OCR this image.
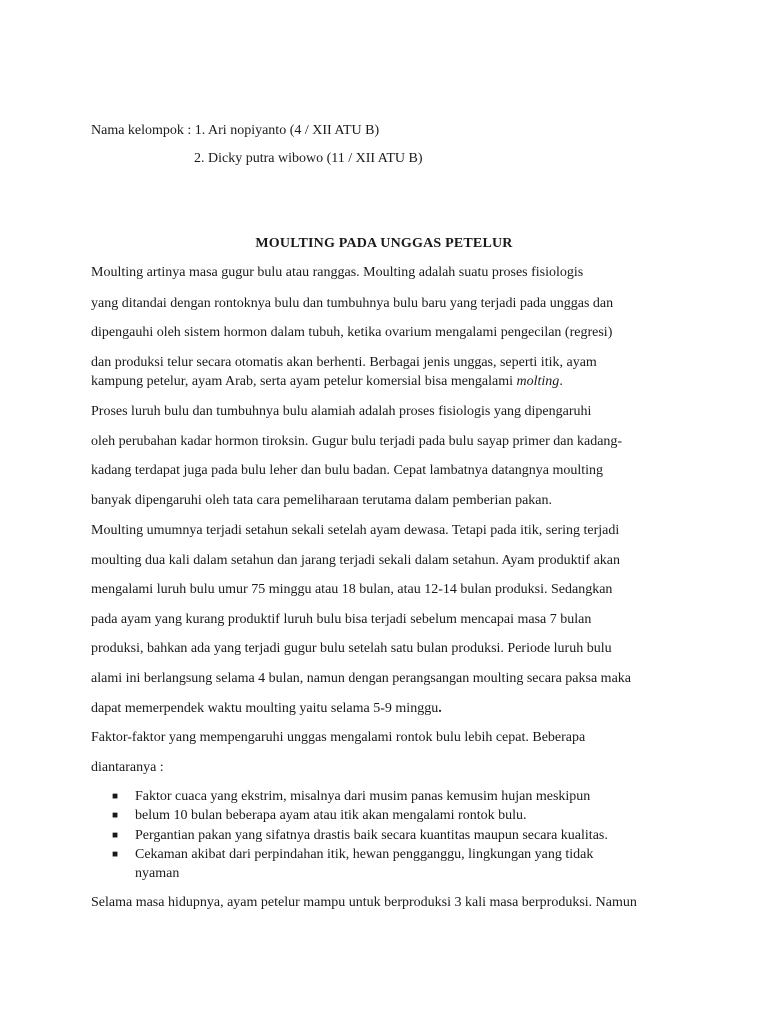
Nama kelompok : 1. Ari nopiyanto (4 / XII ATU B)
2. Dicky putra wibowo (11 / XII ATU B)
MOULTING PADA UNGGAS PETELUR
Moulting artinya masa gugur bulu atau ranggas. Moulting adalah suatu proses fisiologis
yang ditandai dengan rontoknya bulu dan tumbuhnya bulu baru yang terjadi pada unggas dan
dipengauhi oleh sistem hormon dalam tubuh, ketika ovarium mengalami pengecilan (regresi)
dan produksi telur secara otomatis akan berhenti. Berbagai jenis unggas, seperti itik, ayam
kampung petelur, ayam Arab, serta ayam petelur komersial bisa mengalami molting.
Proses luruh bulu dan tumbuhnya bulu alamiah adalah proses fisiologis yang dipengaruhi
oleh perubahan kadar hormon tiroksin. Gugur bulu terjadi pada bulu sayap primer dan kadang-
kadang terdapat juga pada bulu leher dan bulu badan. Cepat lambatnya datangnya moulting
banyak dipengaruhi oleh tata cara pemeliharaan terutama dalam pemberian pakan.
Moulting umumnya terjadi setahun sekali setelah ayam dewasa. Tetapi pada itik, sering terjadi
moulting dua kali dalam setahun dan jarang terjadi sekali dalam setahun. Ayam produktif akan
mengalami luruh bulu umur 75 minggu atau 18 bulan, atau 12-14 bulan produksi. Sedangkan
pada ayam yang kurang produktif luruh bulu bisa terjadi sebelum mencapai masa 7 bulan
produksi, bahkan ada yang terjadi gugur bulu setelah satu bulan produksi. Periode luruh bulu
alami ini berlangsung selama 4 bulan, namun dengan perangsangan moulting secara paksa maka
dapat memerpendek waktu moulting yaitu selama 5-9 minggu.
Faktor-faktor yang mempengaruhi unggas mengalami rontok bulu lebih cepat. Beberapa
diantaranya :
■	Faktor cuaca yang ekstrim, misalnya dari musim panas kemusim hujan meskipun
■	belum 10 bulan beberapa ayam atau itik akan mengalami rontok bulu.
■	Pergantian pakan yang sifatnya drastis baik secara kuantitas maupun secara kualitas.
■	Cekaman akibat dari perpindahan itik, hewan pengganggu, lingkungan yang tidak
nyaman
Selama masa hidupnya, ayam petelur mampu untuk berproduksi 3 kali masa berproduksi. Namun
